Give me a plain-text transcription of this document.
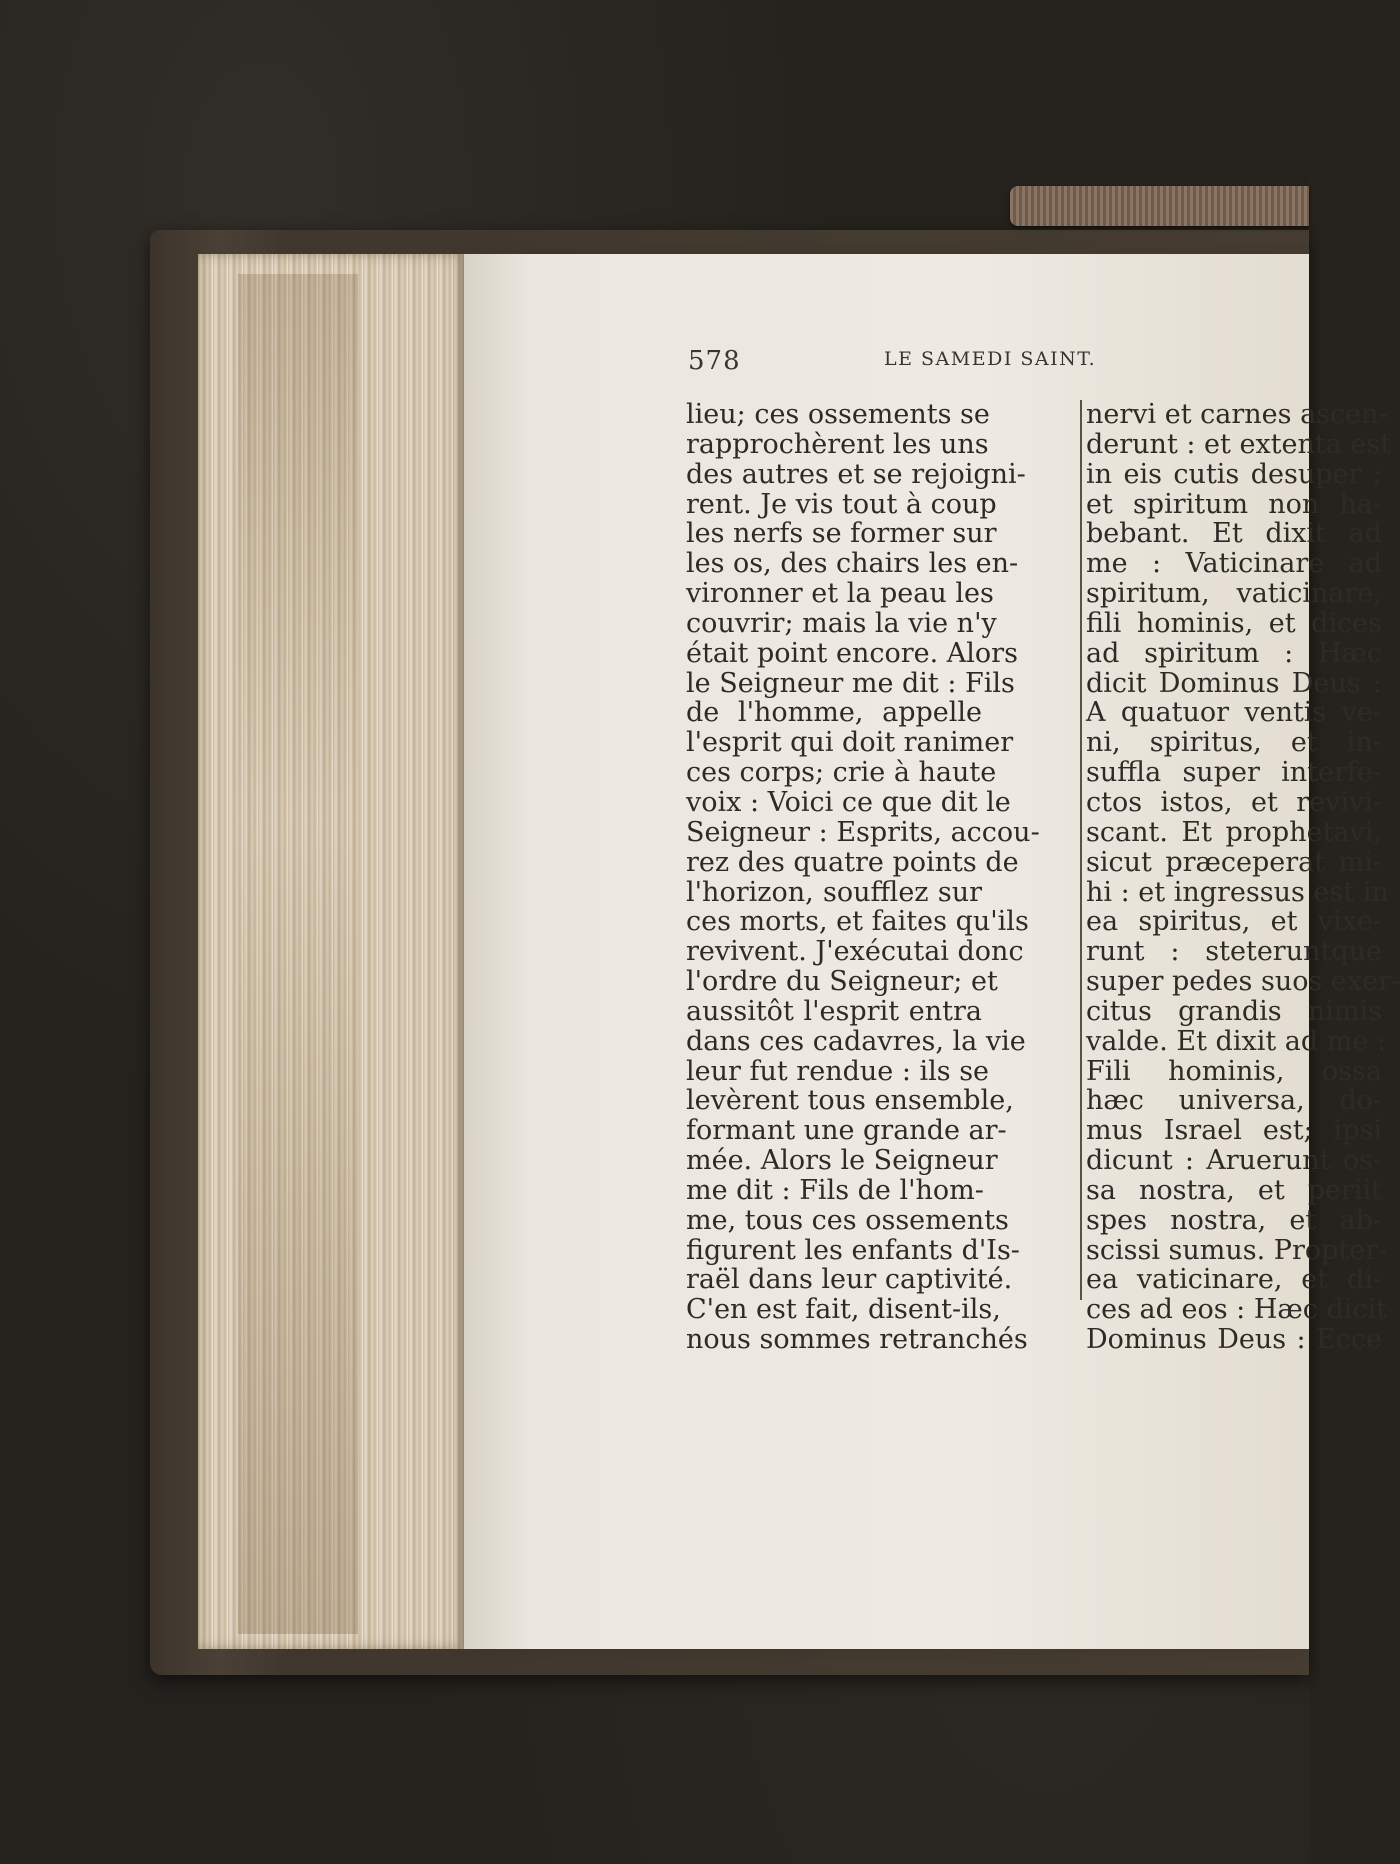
578	LE SAMEDI SAINT.
lieu; ces ossements se
rapprochèrent les uns
des autres et se rejoigni-
rent. Je vis tout à coup
les nerfs se former sur
les os, des chairs les en-
vironner et la peau les
couvrir; mais la vie n'y
était point encore. Alors
le Seigneur me dit : Fils
de l'homme, appelle
l'esprit qui doit ranimer
ces corps; crie à haute
voix : Voici ce que dit le
Seigneur : Esprits, accou-
rez des quatre points de
l'horizon, soufflez sur
ces morts, et faites qu'ils
revivent. J'exécutai donc
l'ordre du Seigneur; et
aussitôt l'esprit entra
dans ces cadavres, la vie
leur fut rendue : ils se
levèrent tous ensemble,
formant une grande ar-
mée. Alors le Seigneur
me dit : Fils de l'hom-
me, tous ces ossements
figurent les enfants d'Is-
raël dans leur captivité.
C'en est fait, disent-ils,
nous sommes retranchés
nervi et carnes ascen-
derunt : et extenta est
in eis cutis desuper ;
et spiritum non ha-
bebant. Et dixit ad
me : Vaticinare ad
spiritum, vaticinare,
fili hominis, et dices
ad spiritum : Hæc
dicit Dominus Deus :
A quatuor ventis ve-
ni, spiritus, et in-
suffla super interfe-
ctos istos, et revivi-
scant. Et prophetavi,
sicut præceperat mi-
hi : et ingressus est in
ea spiritus, et vixe-
runt : steteruntque
super pedes suos exer-
citus grandis nimis
valde. Et dixit ad me :
Fili hominis, ossa
hæc universa, do-
mus Israel est; ipsi
dicunt : Aruerunt os-
sa nostra, et periit
spes nostra, et ab-
scissi sumus. Propter-
ea vaticinare, et di-
ces ad eos : Hæc dicit
Dominus Deus : Ecce
